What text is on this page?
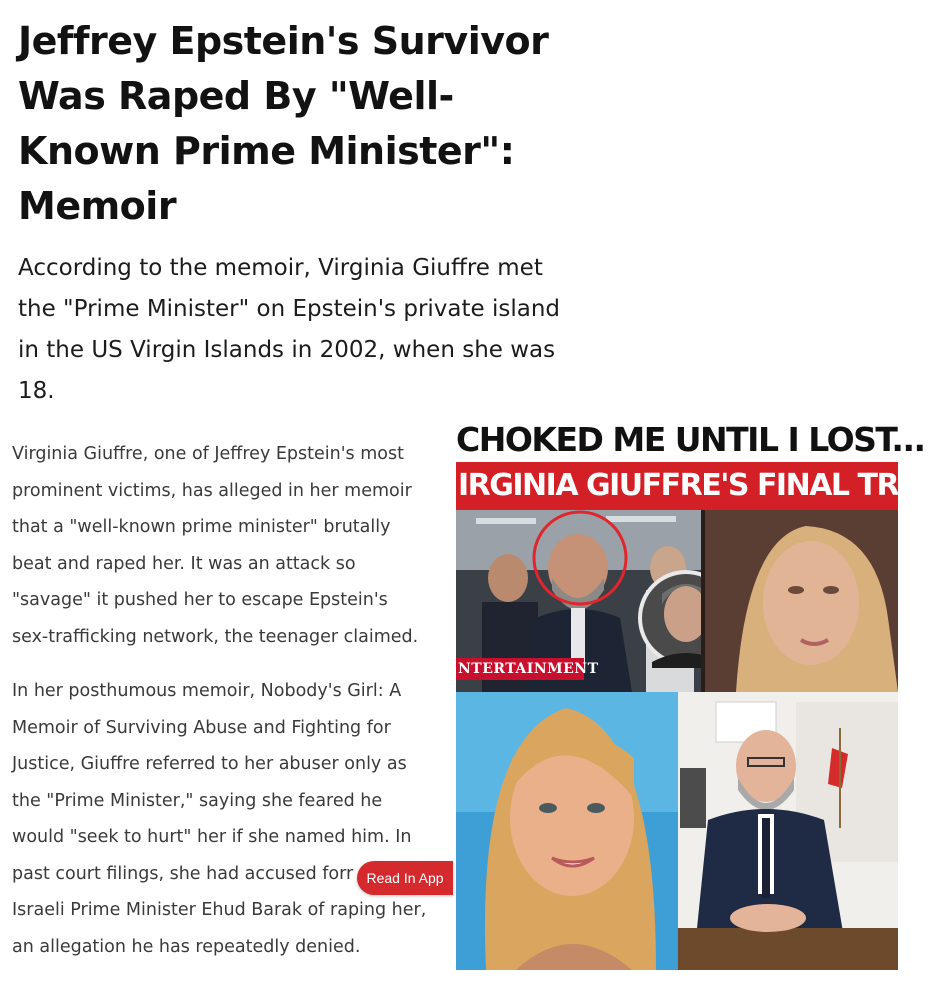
Jeffrey Epstein's Survivor
Was Raped By "Well-
Known Prime Minister":
Memoir
According to the memoir, Virginia Giuffre met
the "Prime Minister" on Epstein's private island
in the US Virgin Islands in 2002, when she was
18.
Virginia Giuffre, one of Jeffrey Epstein's most
prominent victims, has alleged in her memoir
that a "well-known prime minister" brutally
beat and raped her. It was an attack so
"savage" it pushed her to escape Epstein's
sex-trafficking network, the teenager claimed.
In her posthumous memoir, Nobody's Girl: A
Memoir of Surviving Abuse and Fighting for
Justice, Giuffre referred to her abuser only as
the "Prime Minister," saying she feared he
would "seek to hurt" her if she named him. In
past court filings, she had accused forr
Israeli Prime Minister Ehud Barak of raping her,
an allegation he has repeatedly denied.
CHOKED ME UNTIL I LOST...
IRGINIA GIUFFRE'S FINAL TRUT
NTERTAINMENT
Read In App
